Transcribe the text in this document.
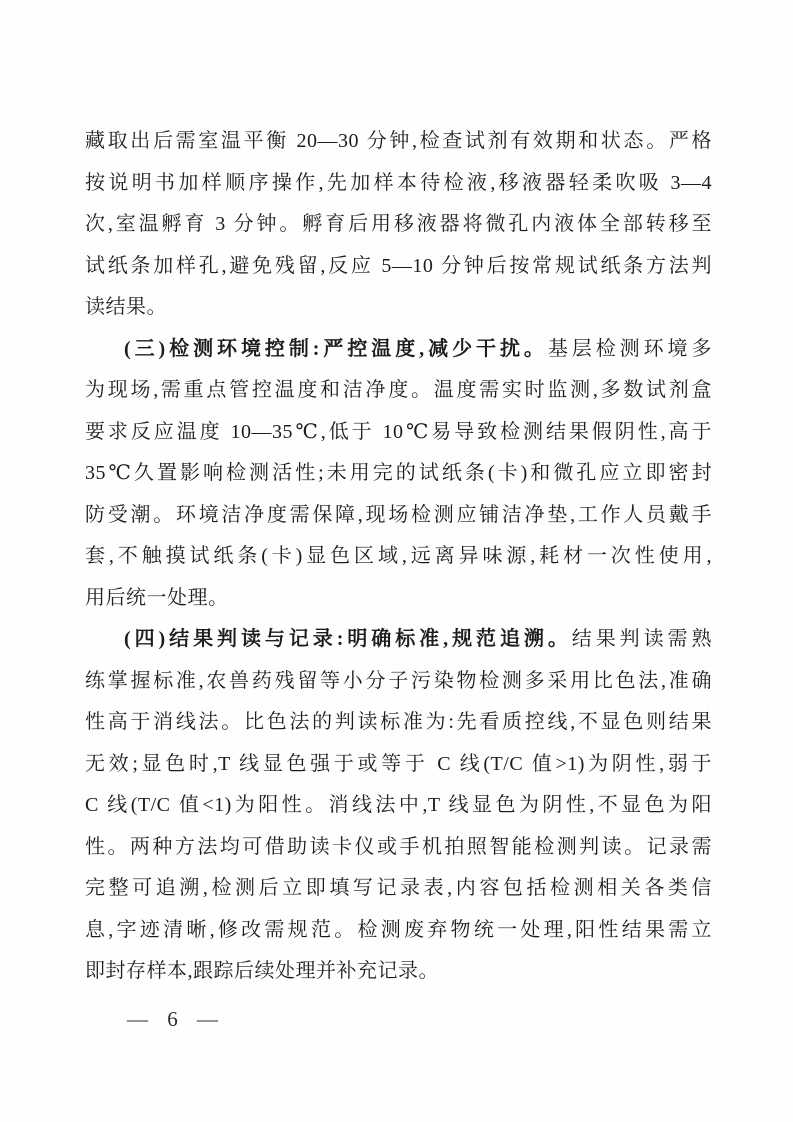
藏取出后需室温平衡 20—30 分钟,检查试剂有效期和状态。严格
按说明书加样顺序操作,先加样本待检液,移液器轻柔吹吸 3—4
次,室温孵育 3 分钟。孵育后用移液器将微孔内液体全部转移至
试纸条加样孔,避免残留,反应 5—10 分钟后按常规试纸条方法判
读结果。
(三)检测环境控制:严控温度,减少干扰。基层检测环境多
为现场,需重点管控温度和洁净度。温度需实时监测,多数试剂盒
要求反应温度 10—35℃,低于 10℃易导致检测结果假阴性,高于
35℃久置影响检测活性;未用完的试纸条(卡)和微孔应立即密封
防受潮。环境洁净度需保障,现场检测应铺洁净垫,工作人员戴手
套,不触摸试纸条(卡)显色区域,远离异味源,耗材一次性使用,
用后统一处理。
(四)结果判读与记录:明确标准,规范追溯。结果判读需熟
练掌握标准,农兽药残留等小分子污染物检测多采用比色法,准确
性高于消线法。比色法的判读标准为:先看质控线,不显色则结果
无效;显色时,T 线显色强于或等于 C 线(T/C 值>1)为阴性,弱于
C 线(T/C 值<1)为阳性。消线法中,T 线显色为阴性,不显色为阳
性。两种方法均可借助读卡仪或手机拍照智能检测判读。记录需
完整可追溯,检测后立即填写记录表,内容包括检测相关各类信
息,字迹清晰,修改需规范。检测废弃物统一处理,阳性结果需立
即封存样本,跟踪后续处理并补充记录。
— 6 —
